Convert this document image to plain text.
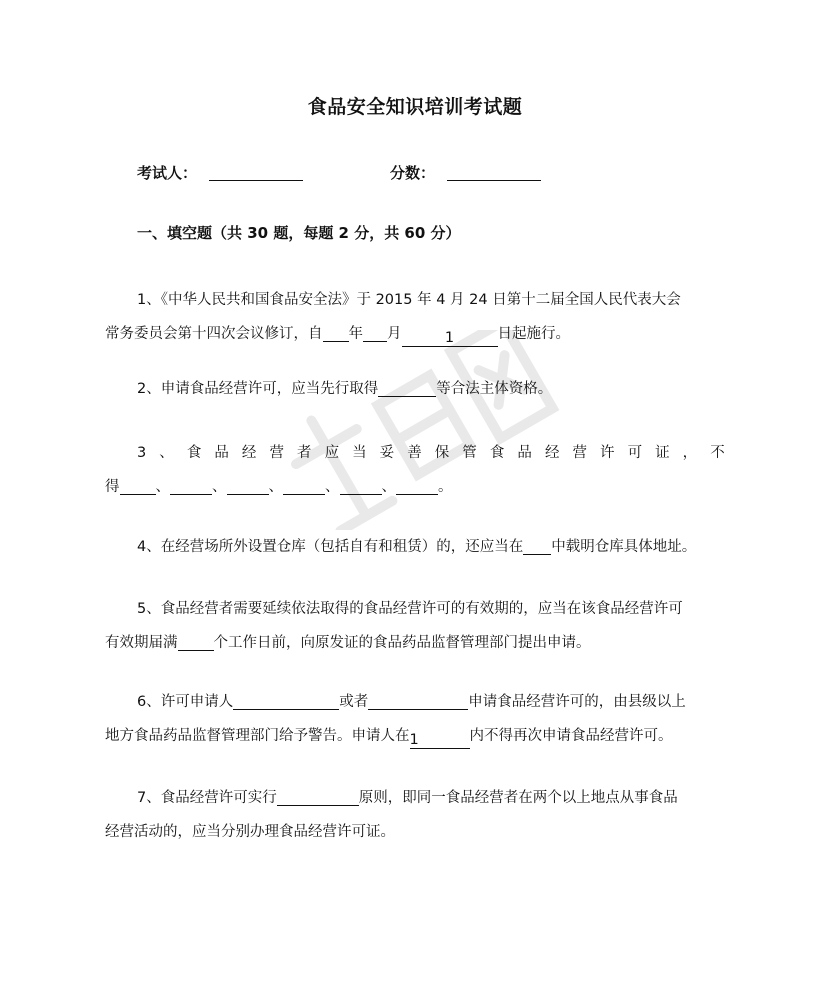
食品安全知识培训考试题
考试人：	分数：
一、填空题（共 30 题，每题 2 分，共 60 分）
1、《中华人民共和国食品安全法》于 2015 年 4 月 24 日第十二届全国人民代表大会
常务委员会第十四次会议修订，自 年 月	1	日起施行。
2、申请食品经营许可，应当先行取得	等合法主体资格。
3 、 食 品 经 营 者 应 当 妥 善 保 管 食 品 经 营 许 可 证 ， 不
得 、	、	、	、	、	。
4、在经营场所外设置仓库（包括自有和租赁）的，还应当在 中载明仓库具体地址。
5、食品经营者需要延续依法取得的食品经营许可的有效期的，应当在该食品经营许可
有效期届满 个工作日前，向原发证的食品药品监督管理部门提出申请。
6、许可申请人	或者	申请食品经营许可的，由县级以上
地方食品药品监督管理部门给予警告。申请人在1	内不得再次申请食品经营许可。
7、食品经营许可实行	原则，即同一食品经营者在两个以上地点从事食品
经营活动的，应当分别办理食品经营许可证。
